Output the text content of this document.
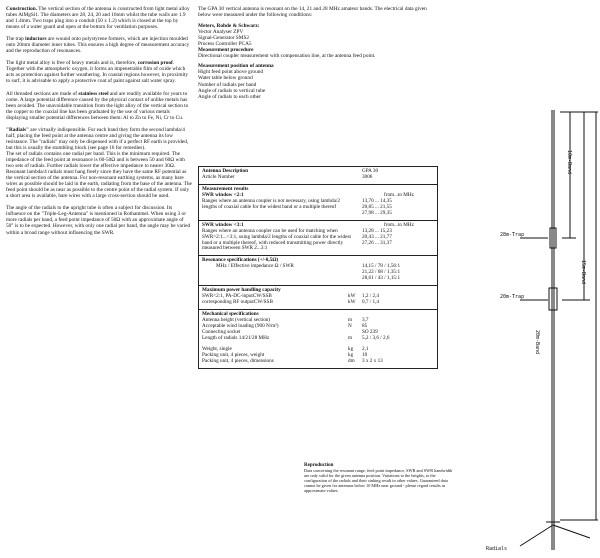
Construction. The vertical section of the antenna is constructed from light metal alloy tubes AlMgSi1. The diameters are 28, 24, 20 and 16mm whilst the tube walls are 1.9 and 1.4mm. Two traps plug into a conduit (50 x 1.2) which is closed at the top by means of a water guard and open at the bottom for ventilation purposes.

The trap inductors are wound onto polystyrene formers, which are injection moulded onto 20mm diameter inner tubes. This ensures a high degree of measurement accuracy and the reproduction of resonances.

The light metal alloy is free of heavy metals and is, therefore, corrosion proof. Together with the atmospheric oxygen, it forms an impenetrable film of oxide which acts as protection against further weathering. In coastal regions however, in proximity to surf, it is advisable to apply a protective coat of paint against salt water spray.

All threaded sections are made of stainless steel and are readily available for years to come. A large potential difference caused by the physical contact of unlike metals has been avoided. The unavoidable transition from the light alloy of the vertical section to the copper to the coaxial line has been graduated by the use of various metals displaying smaller potential differences between them: Al to Zn to Fe, Ni, Cr to Cu.

"Radials" are virtually indispensible. For each band they form the second lambda/4 half, placing the feed point at the antenna centre and giving the antenna its low resistance. The "radials" may only be dispensed with if a perfect RF earth is provided, but this is usually the stumbling block (see page 16 for remedies).

The set of radials contains one radial per band. This is the minimum required. The impedance of the feed point at resonance is 60-50Ω and is between 50 and 60Ω with two sets of radials. Further radials lower the effective impedance to nearer 30Ω. Resonant lambda/4 radials must hang freely since they have the same RF potential as the vertical section of the antenna. For non-resonant earthing systems, as many bare wires as possible should be laid in the earth, radiating from the base of the antenna. The feed point should be as near as possible to the centre point of the radial system. If only a short area is available, bare wires with a large cross-section should be used.

The angle of the radials to the upright tube is often a subject for discussion. Its influence on the "Triple-Leg-Antenna" is mentioned in Rothammel. When using 3 or more radials per band, a feed point impedance of 50Ω with an approximate angle of 50° is to be expected. However, with only one radial per band, the angle may be varied within a broad range without influencing the SWR.

The GPA 30 vertical antenna is resonant on the 14, 21 and 28 MHz amateur bands. The electrical data given below were measured under the following conditions:

Meters, Rohde & Schwarz:
Vector Analyser ZPV
Signal-Generator SMS2
Process Controller PCA5
Measurement procedure
Directional coupler measurement with compensation line, at the antenna feed point.
Measurement position of antenna
Hight feed point above ground
Water table below ground
Number of radials per band
Angle of radials to vertical tube
Angle of radials to each other
Antenna Description	GPA 30
Article Number	3006
Measurement results
SWR window <2:1	from...to MHz
Ranges where an antenna coupler is not necessary, using lambda/2 lengths of coaxial cable for the widest band or a multiple thereof
13,70 ... 14,35
20,85 ... 21,55
27,98 ... 29,35
SWR window <3:1	from...to MHz
Ranges where an antenna coupler can be used for matching when SWR>2:1...<3:1, using lambda/2 lengths of coaxial cable for the widest band or a multiple thereof, with reduced transmitting power directly measured between SWR 2...3:1
13,28 ... 15,23
20,43 ... 21,77
27,26 ... 31,37
Resonance specifications (+/-0,5Ω)
MHz / Effective impedance Ω / SWR	14,15 / 78 / 1,56:1
21,22 / 68 / 1,35:1
28,61 / 43 / 1,15:1
Maximum power handling capacity
SWR<2:1, PA-DC-inputCW/SSB	kW	1,2 / 2,4
corresponding RF outputCW/SSB	kW	0,7 / 1,4
Mechanical specifications
Antenna height (vertical section)	m	3,7
Acceptable wind loading (900 N/m²)	N	85
Connecting socket	SO 239
Length of radials 14/21/28 MHz	m	5,2 / 3,6 / 2,6
Weight, single	kg	2,1
Packing unit, 4 pieces, weight	kg	10
Packing unit, 4 pieces, dimensions	dm	3 x 2 x 13
Reproduction
Data concerning the resonant range, feed point impedance, SWR and SWR bandwidth are only valid for the given antenna position. Variations to the heights, to the configuration of the radials and their sinking result in other values. Guaranteed data cannot be given for antennas below 10 MHz near ground - please regard results as approximate values.
28m-Trap
20m-Trap
10m-Band
15m-Band
20m-Band
Radials
